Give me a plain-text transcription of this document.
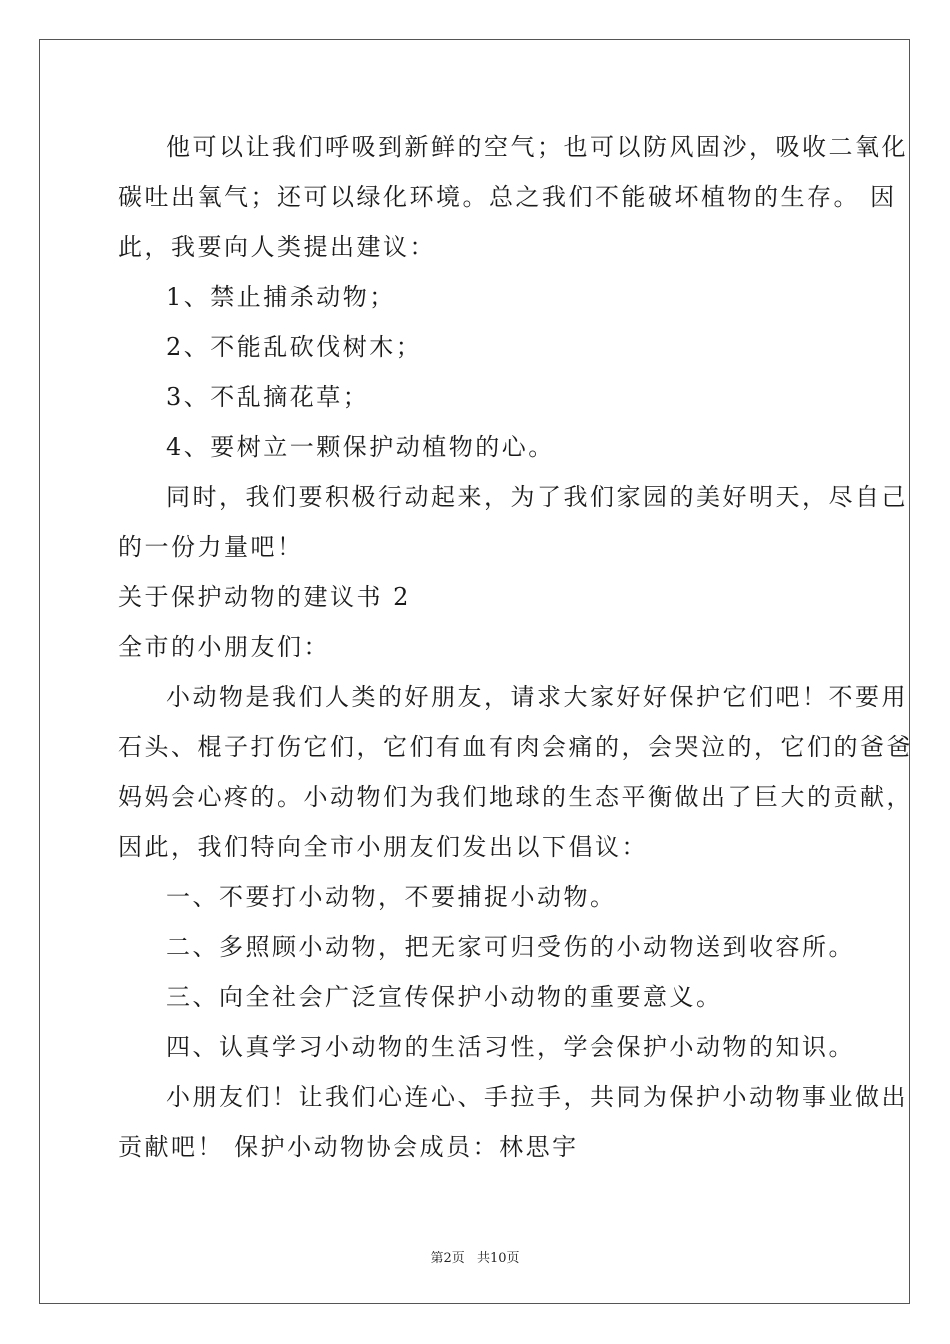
他可以让我们呼吸到新鲜的空气；也可以防风固沙，吸收二氧化
碳吐出氧气；还可以绿化环境。总之我们不能破坏植物的生存。 因
此，我要向人类提出建议：
1、禁止捕杀动物；
2、不能乱砍伐树木；
3、不乱摘花草；
4、要树立一颗保护动植物的心。
同时，我们要积极行动起来，为了我们家园的美好明天，尽自己
的一份力量吧！
关于保护动物的建议书 2
全市的小朋友们：
小动物是我们人类的好朋友，请求大家好好保护它们吧！不要用
石头、棍子打伤它们，它们有血有肉会痛的，会哭泣的，它们的爸爸
妈妈会心疼的。小动物们为我们地球的生态平衡做出了巨大的贡献，
因此，我们特向全市小朋友们发出以下倡议：
一、不要打小动物，不要捕捉小动物。
二、多照顾小动物，把无家可归受伤的小动物送到收容所。
三、向全社会广泛宣传保护小动物的重要意义。
四、认真学习小动物的生活习性，学会保护小动物的知识。
小朋友们！让我们心连心、手拉手，共同为保护小动物事业做出
贡献吧！ 保护小动物协会成员：林思宇
第2页 共10页
